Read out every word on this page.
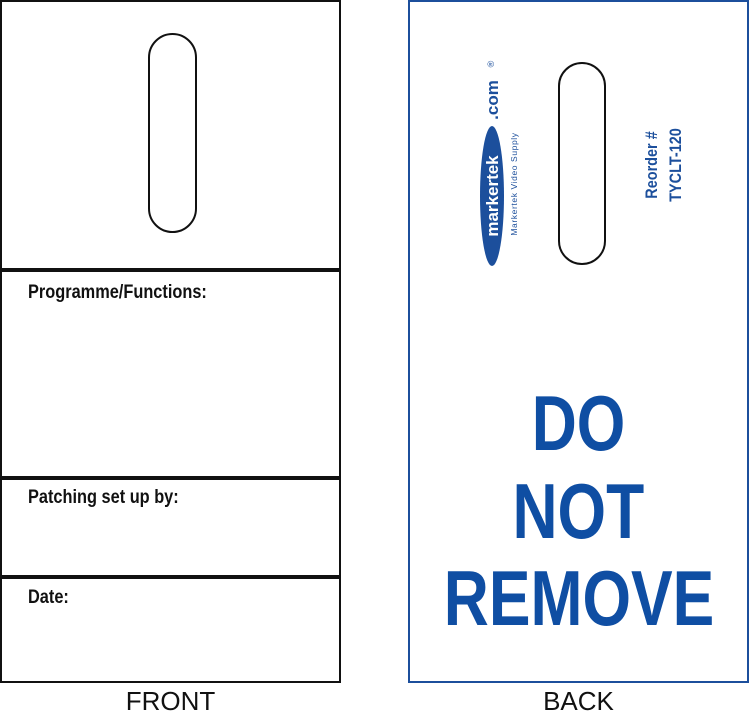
Programme/Functions:
Patching set up by:
Date:
markertek
.com
®
Markertek Video Supply	Reorder # TYCLT-120
DO
NOT
REMOVE
FRONT	BACK
